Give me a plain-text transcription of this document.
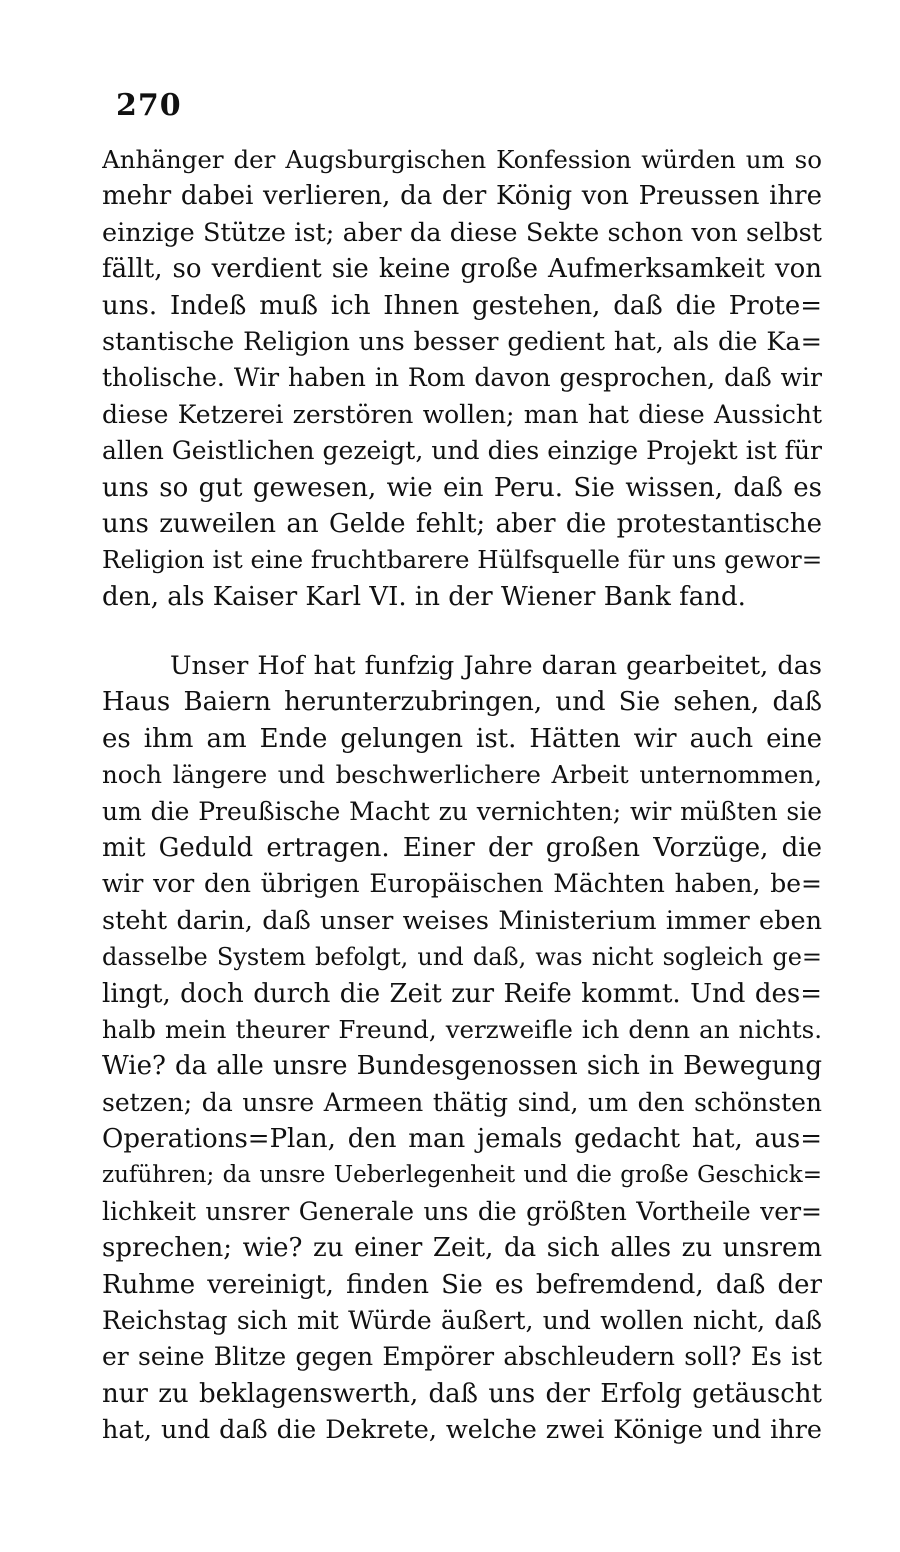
270
Anhänger der Augsburgischen Konfession würden um so
mehr dabei verlieren, da der König von Preussen ihre
einzige Stütze ist; aber da diese Sekte schon von selbst
fällt, so verdient sie keine große Aufmerksamkeit von
uns. Indeß muß ich Ihnen gestehen, daß die Prote=
stantische Religion uns besser gedient hat, als die Ka=
tholische. Wir haben in Rom davon gesprochen, daß wir
diese Ketzerei zerstören wollen; man hat diese Aussicht
allen Geistlichen gezeigt, und dies einzige Projekt ist für
uns so gut gewesen, wie ein Peru. Sie wissen, daß es
uns zuweilen an Gelde fehlt; aber die protestantische
Religion ist eine fruchtbarere Hülfsquelle für uns gewor=
den, als Kaiser Karl VI. in der Wiener Bank fand.
Unser Hof hat funfzig Jahre daran gearbeitet, das
Haus Baiern herunterzubringen, und Sie sehen, daß
es ihm am Ende gelungen ist. Hätten wir auch eine
noch längere und beschwerlichere Arbeit unternommen,
um die Preußische Macht zu vernichten; wir müßten sie
mit Geduld ertragen. Einer der großen Vorzüge, die
wir vor den übrigen Europäischen Mächten haben, be=
steht darin, daß unser weises Ministerium immer eben
dasselbe System befolgt, und daß, was nicht sogleich ge=
lingt, doch durch die Zeit zur Reife kommt. Und des=
halb mein theurer Freund, verzweifle ich denn an nichts.
Wie? da alle unsre Bundesgenossen sich in Bewegung
setzen; da unsre Armeen thätig sind, um den schönsten
Operations=Plan, den man jemals gedacht hat, aus=
zuführen; da unsre Ueberlegenheit und die große Geschick=
lichkeit unsrer Generale uns die größten Vortheile ver=
sprechen; wie? zu einer Zeit, da sich alles zu unsrem
Ruhme vereinigt, finden Sie es befremdend, daß der
Reichstag sich mit Würde äußert, und wollen nicht, daß
er seine Blitze gegen Empörer abschleudern soll? Es ist
nur zu beklagenswerth, daß uns der Erfolg getäuscht
hat, und daß die Dekrete, welche zwei Könige und ihre
